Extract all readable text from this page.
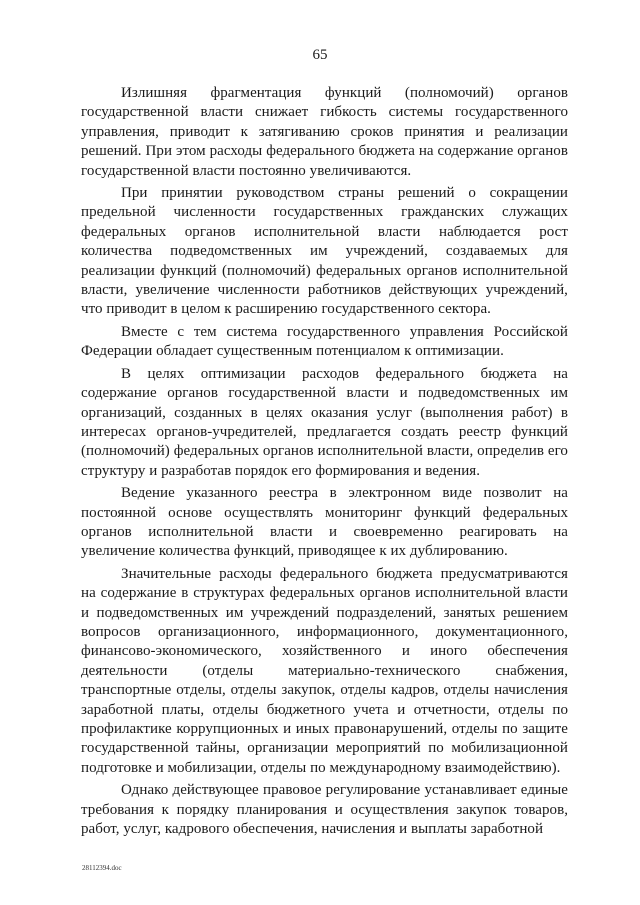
65

Излишняя фрагментация функций (полномочий) органов государственной власти снижает гибкость системы государственного управления, приводит к затягиванию сроков принятия и реализации решений. При этом расходы федерального бюджета на содержание органов государственной власти постоянно увеличиваются.

При принятии руководством страны решений о сокращении предельной численности государственных гражданских служащих федеральных органов исполнительной власти наблюдается рост количества подведомственных им учреждений, создаваемых для реализации функций (полномочий) федеральных органов исполнительной власти, увеличение численности работников действующих учреждений, что приводит в целом к расширению государственного сектора.

Вместе с тем система государственного управления Российской Федерации обладает существенным потенциалом к оптимизации.

В целях оптимизации расходов федерального бюджета на содержание органов государственной власти и подведомственных им организаций, созданных в целях оказания услуг (выполнения работ) в интересах органов-учредителей, предлагается создать реестр функций (полномочий) федеральных органов исполнительной власти, определив его структуру и разработав порядок его формирования и ведения.

Ведение указанного реестра в электронном виде позволит на постоянной основе осуществлять мониторинг функций федеральных органов исполнительной власти и своевременно реагировать на увеличение количества функций, приводящее к их дублированию.

Значительные расходы федерального бюджета предусматриваются на содержание в структурах федеральных органов исполнительной власти и подведомственных им учреждений подразделений, занятых решением вопросов организационного, информационного, документационного, финансово-экономического, хозяйственного и иного обеспечения деятельности (отделы материально-технического снабжения, транспортные отделы, отделы закупок, отделы кадров, отделы начисления заработной платы, отделы бюджетного учета и отчетности, отделы по профилактике коррупционных и иных правонарушений, отделы по защите государственной тайны, организации мероприятий по мобилизационной подготовке и мобилизации, отделы по международному взаимодействию).

Однако действующее правовое регулирование устанавливает единые требования к порядку планирования и осуществления закупок товаров, работ, услуг, кадрового обеспечения, начисления и выплаты заработной

28112394.doc
